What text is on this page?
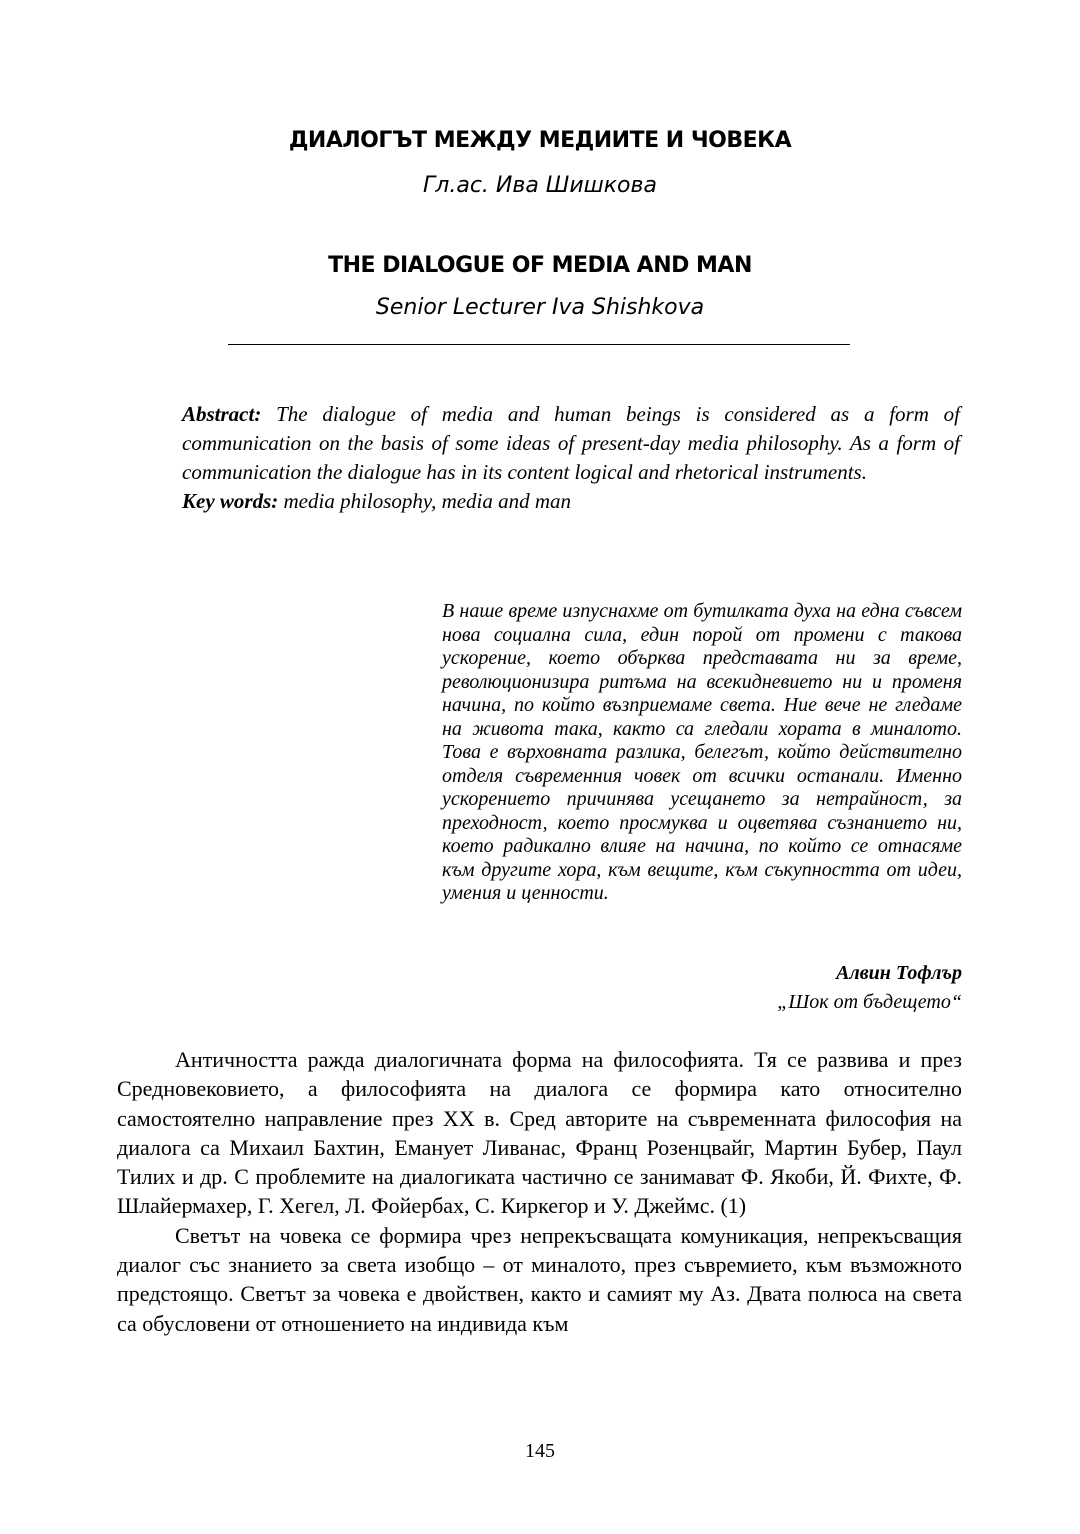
ДИАЛОГЪТ МЕЖДУ МЕДИИТЕ И ЧОВЕКА
Гл.ас. Ива Шишкова
THE DIALOGUE OF MEDIA AND MAN
Senior Lecturer Iva Shishkova
Abstract: The dialogue of media and human beings is considered as a form of communication on the basis of some ideas of present-day media philosophy. As a form of communication the dialogue has in its content logical and rhetorical instruments.
Key words: media philosophy, media and man
В наше време изпуснахме от бутилката духа на една съвсем нова социална сила, един порой от промени с такова ускорение, което обърква представата ни за време, революционизира ритъма на всекидневието ни и променя начина, по който възприемаме света. Ние вече не гледаме на живота така, както са гледали хората в миналото. Това е върховната разлика, белегът, който действително отделя съвременния човек от всички останали. Именно ускорението причинява усещането за нетрайност, за преходност, което просмуква и оцветява съзнанието ни, което радикално влияе на начина, по който се отнасяме към другите хора, към вещите, към съкупността от идеи, умения и ценности.
Алвин Тофлър
„Шок от бъдещето“

Античността ражда диалогичната форма на философията. Тя се развива и през Средновековието, а философията на диалога се формира като относително самостоятелно направление през XX в. Сред авторите на съвременната философия на диалога са Михаил Бахтин, Еманует Ливанас, Франц Розенцвайг, Мартин Бубер, Паул Тилих и др. С проблемите на диалогиката частично се занимават Ф. Якоби, Й. Фихте, Ф. Шлайермахер, Г. Хегел, Л. Фойербах, С. Киркегор и У. Джеймс. (1)

Светът на човека се формира чрез непрекъсващата комуникация, непрекъсващия диалог със знанието за света изобщо – от миналото, през съвремието, към възможното предстоящо. Светът за човека е двойствен, както и самият му Аз. Двата полюса на света са обусловени от отношението на индивида към

145
